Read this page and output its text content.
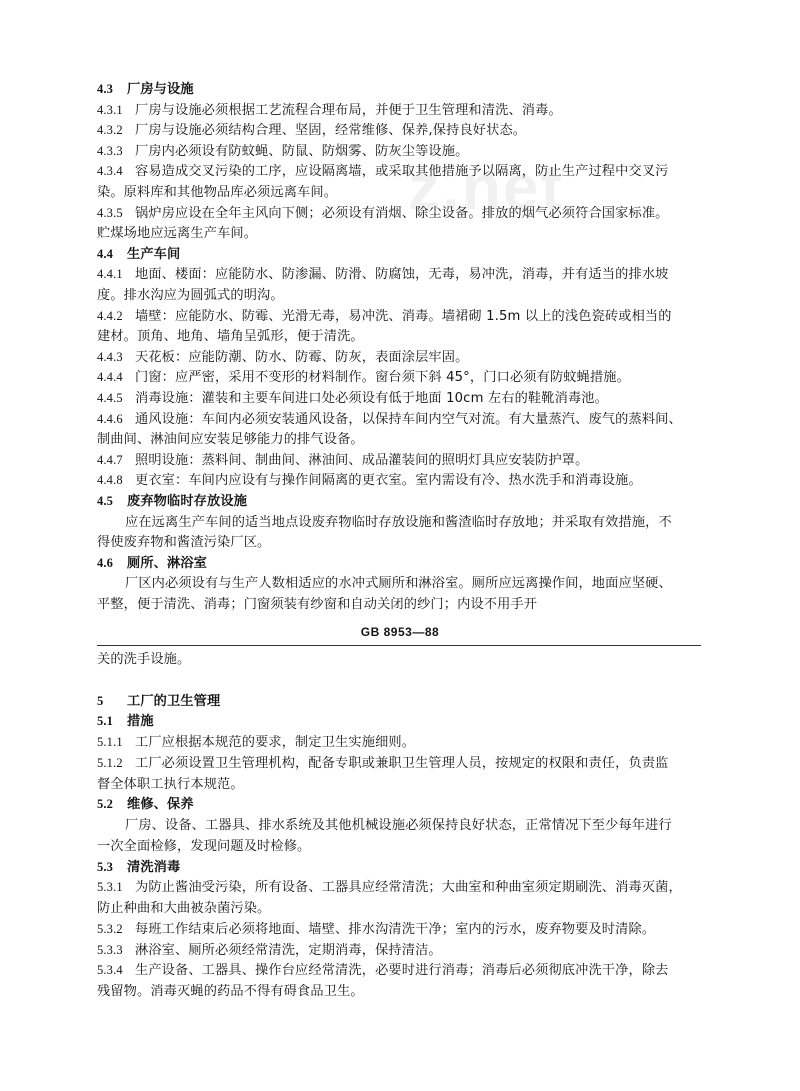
z.net
4.3 厂房与设施
4.3.1 厂房与设施必须根据工艺流程合理布局，并便于卫生管理和清洗、消毒。
4.3.2 厂房与设施必须结构合理、坚固，经常维修、保养,保持良好状态。
4.3.3 厂房内必须设有防蚊蝇、防鼠、防烟雾、防灰尘等设施。
4.3.4 容易造成交叉污染的工序，应设隔离墙，或采取其他措施予以隔离，防止生产过程中交叉污
染。原料库和其他物品库必须远离车间。
4.3.5 锅炉房应设在全年主风向下侧；必须设有消烟、除尘设备。排放的烟气必须符合国家标准。
贮煤场地应远离生产车间。
4.4 生产车间
4.4.1 地面、楼面：应能防水、防渗漏、防滑、防腐蚀，无毒，易冲洗，消毒，并有适当的排水坡
度。排水沟应为圆弧式的明沟。
4.4.2 墙壁：应能防水、防霉、光滑无毒，易冲洗、消毒。墙裙砌 1.5m 以上的浅色瓷砖或相当的
建材。顶角、地角、墙角呈弧形，便于清洗。
4.4.3 天花板：应能防潮、防水、防霉、防灰，表面涂层牢固。
4.4.4 门窗：应严密，采用不变形的材料制作。窗台须下斜 45°，门口必须有防蚊蝇措施。
4.4.5 消毒设施：灌装和主要车间进口处必须设有低于地面 10cm 左右的鞋靴消毒池。
4.4.6 通风设施：车间内必须安装通风设备，以保持车间内空气对流。有大量蒸汽、废气的蒸料间、
制曲间、淋油间应安装足够能力的排气设备。
4.4.7 照明设施：蒸料间、制曲间、淋油间、成品灌装间的照明灯具应安装防护罩。
4.4.8 更衣室：车间内应设有与操作间隔离的更衣室。室内需设有冷、热水洗手和消毒设施。
4.5 废弃物临时存放设施
应在远离生产车间的适当地点设废弃物临时存放设施和酱渣临时存放地；并采取有效措施，不
得使废弃物和酱渣污染厂区。
4.6 厕所、淋浴室
厂区内必须设有与生产人数相适应的水冲式厕所和淋浴室。厕所应远离操作间，地面应坚硬、
平整，便于清洗、消毒；门窗须装有纱窗和自动关闭的纱门；内设不用手开
GB 8953—88
关的洗手设施。
5 工厂的卫生管理
5.1 措施
5.1.1 工厂应根据本规范的要求，制定卫生实施细则。
5.1.2 工厂必须设置卫生管理机构，配备专职或兼职卫生管理人员，按规定的权限和责任，负责监
督全体职工执行本规范。
5.2 维修、保养
厂房、设备、工器具、排水系统及其他机械设施必须保持良好状态，正常情况下至少每年进行
一次全面检修，发现问题及时检修。
5.3 清洗消毒
5.3.1 为防止酱油受污染，所有设备、工器具应经常清洗；大曲室和种曲室须定期刷洗、消毒灭菌，
防止种曲和大曲被杂菌污染。
5.3.2 每班工作结束后必须将地面、墙壁、排水沟清洗干净；室内的污水，废弃物要及时清除。
5.3.3 淋浴室、厕所必须经常清洗，定期消毒，保持清洁。
5.3.4 生产设备、工器具、操作台应经常清洗，必要时进行消毒；消毒后必须彻底冲洗干净，除去
残留物。消毒灭蝇的药品不得有碍食品卫生。
